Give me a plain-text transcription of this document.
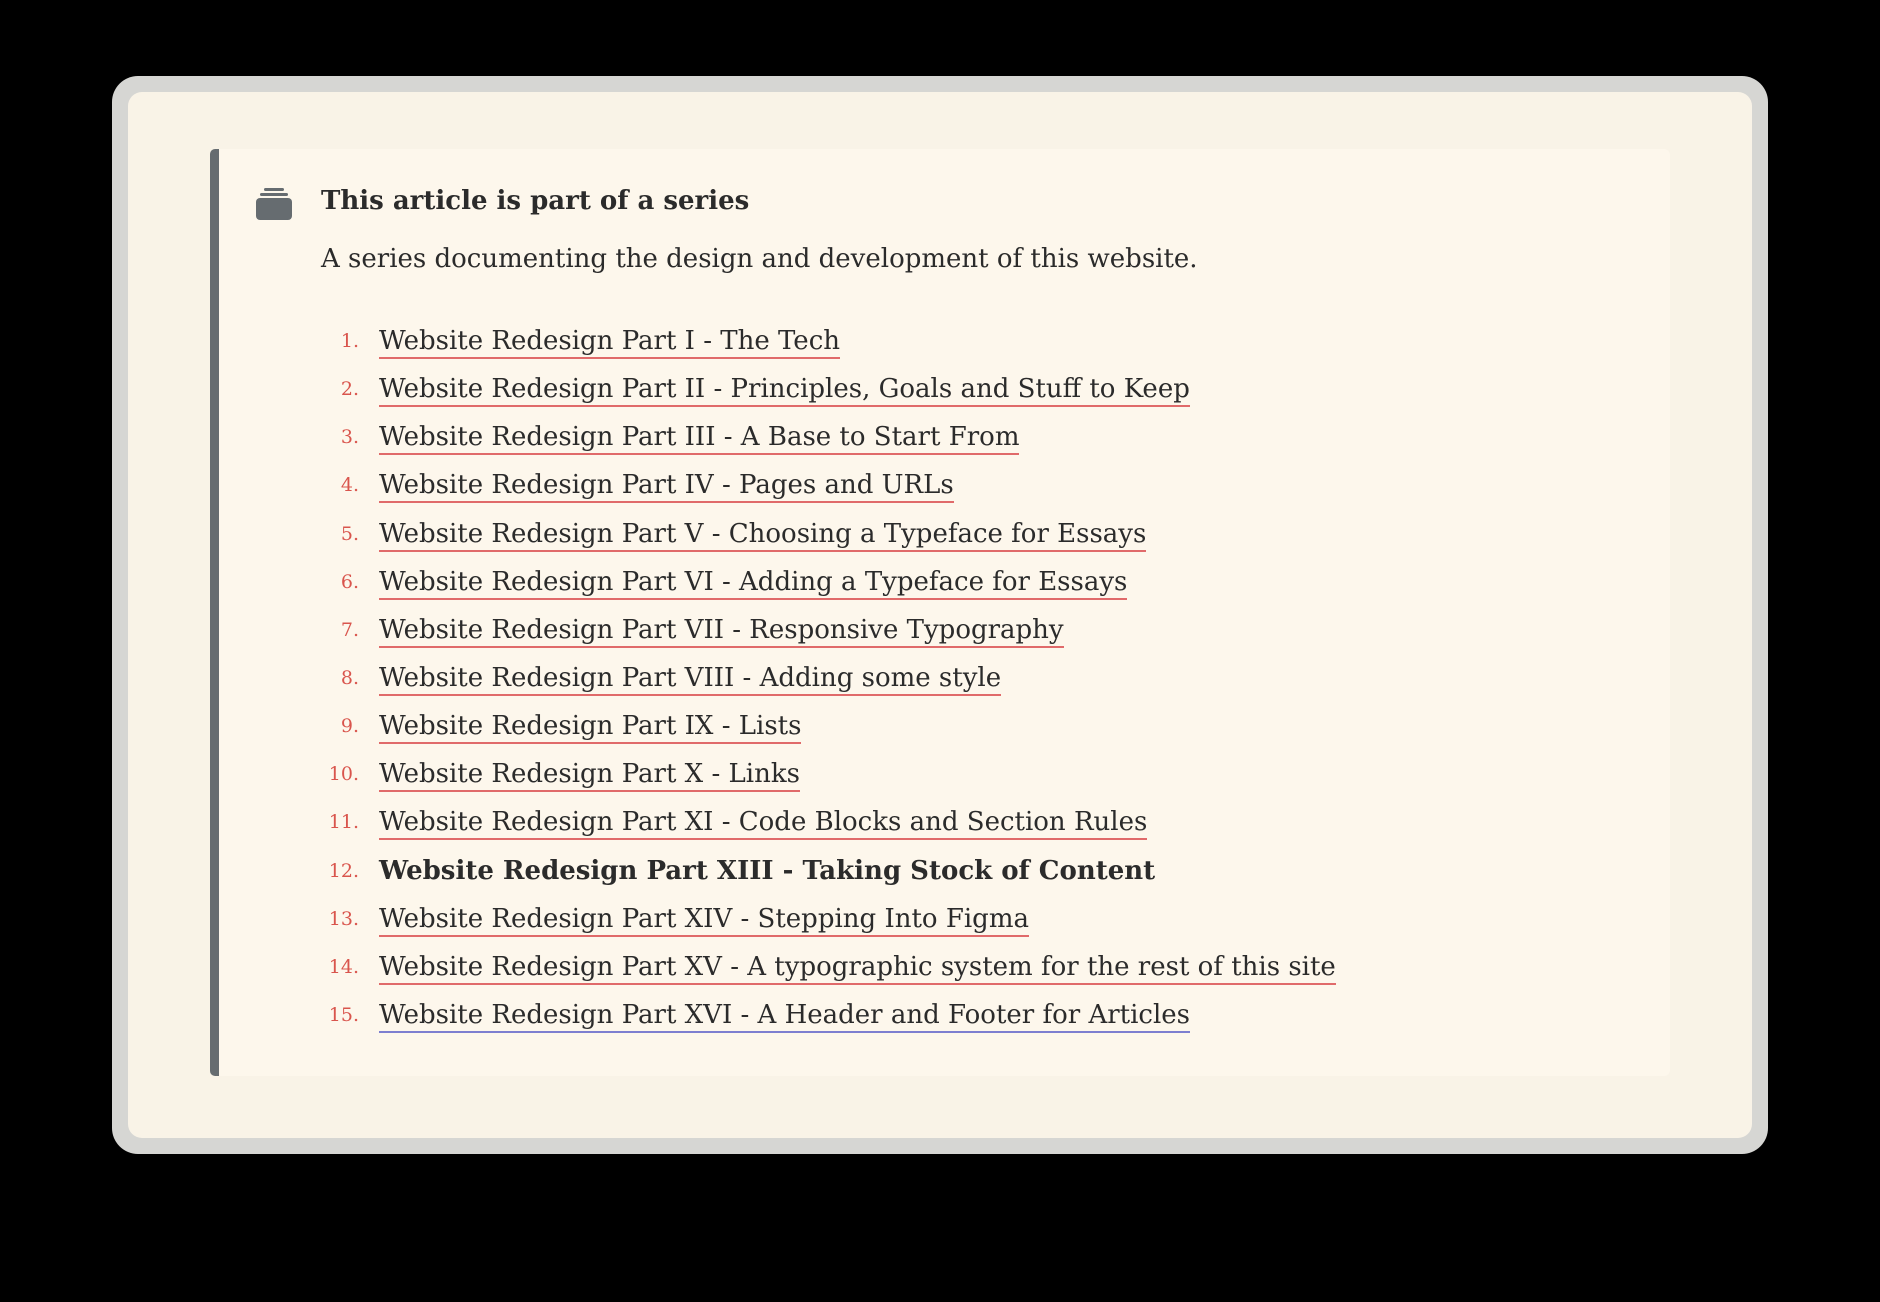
This article is part of a series

A series documenting the design and development of this website.

1. Website Redesign Part I - The Tech
2. Website Redesign Part II - Principles, Goals and Stuff to Keep
3. Website Redesign Part III - A Base to Start From
4. Website Redesign Part IV - Pages and URLs
5. Website Redesign Part V - Choosing a Typeface for Essays
6. Website Redesign Part VI - Adding a Typeface for Essays
7. Website Redesign Part VII - Responsive Typography
8. Website Redesign Part VIII - Adding some style
9. Website Redesign Part IX - Lists
10. Website Redesign Part X - Links
11. Website Redesign Part XI - Code Blocks and Section Rules
12. Website Redesign Part XIII - Taking Stock of Content
13. Website Redesign Part XIV - Stepping Into Figma
14. Website Redesign Part XV - A typographic system for the rest of this site
15. Website Redesign Part XVI - A Header and Footer for Articles
